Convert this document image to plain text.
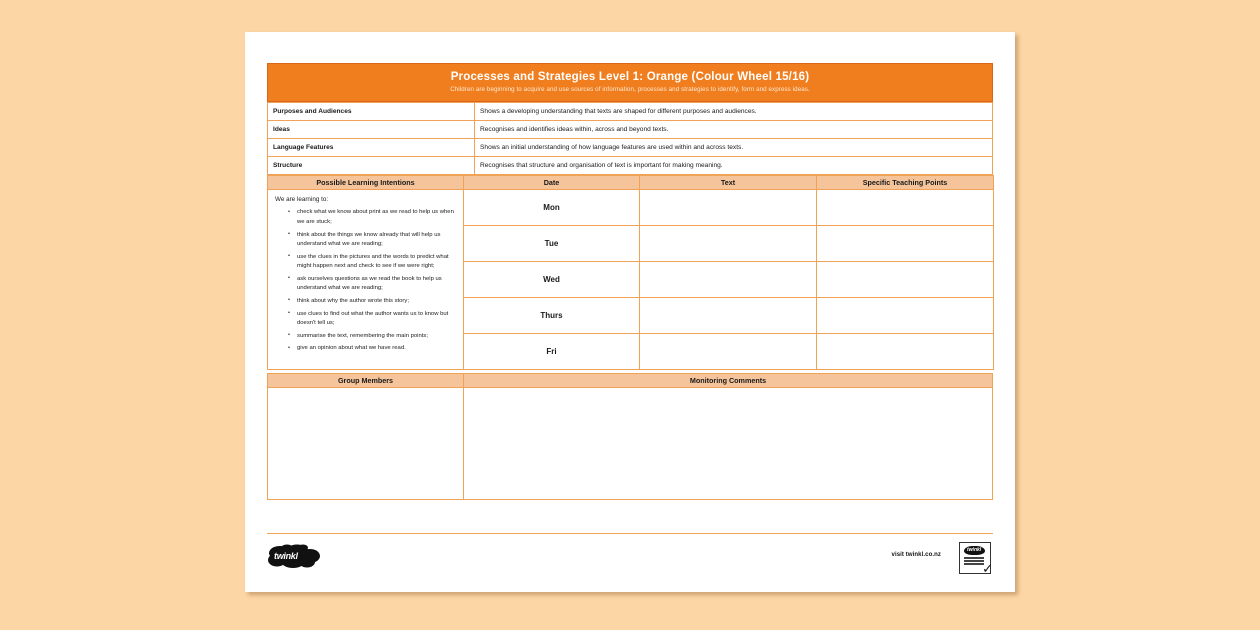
Processes and Strategies Level 1: Orange (Colour Wheel 15/16)
Children are beginning to acquire and use sources of information, processes and strategies to identify, form and express ideas.
Purposes and Audiences	Shows a developing understanding that texts are shaped for different purposes and audiences.
Ideas	Recognises and identifies ideas within, across and beyond texts.
Language Features	Shows an initial understanding of how language features are used within and across texts.
Structure	Recognises that structure and organisation of text is important for making meaning.
Possible Learning Intentions	Date	Text	Specific Teaching Points

We are learning to:
• check what we know about print as we read to help us when we are stuck;
• think about the things we know already that will help us understand what we are reading;
• use the clues in the pictures and the words to predict what might happen next and check to see if we were right;
• ask ourselves questions as we read the book to help us understand what we are reading;
• think about why the author wrote this story;
• use clues to find out what the author wants us to know but doesn't tell us;
• summarise the text, remembering the main points;
• give an opinion about what we have read.
	Mon		
	Tue		
	Wed		
	Thurs		
	Fri		
Group Members	Monitoring Comments

twinkl	visit twinkl.co.nz
twinkl
✓
